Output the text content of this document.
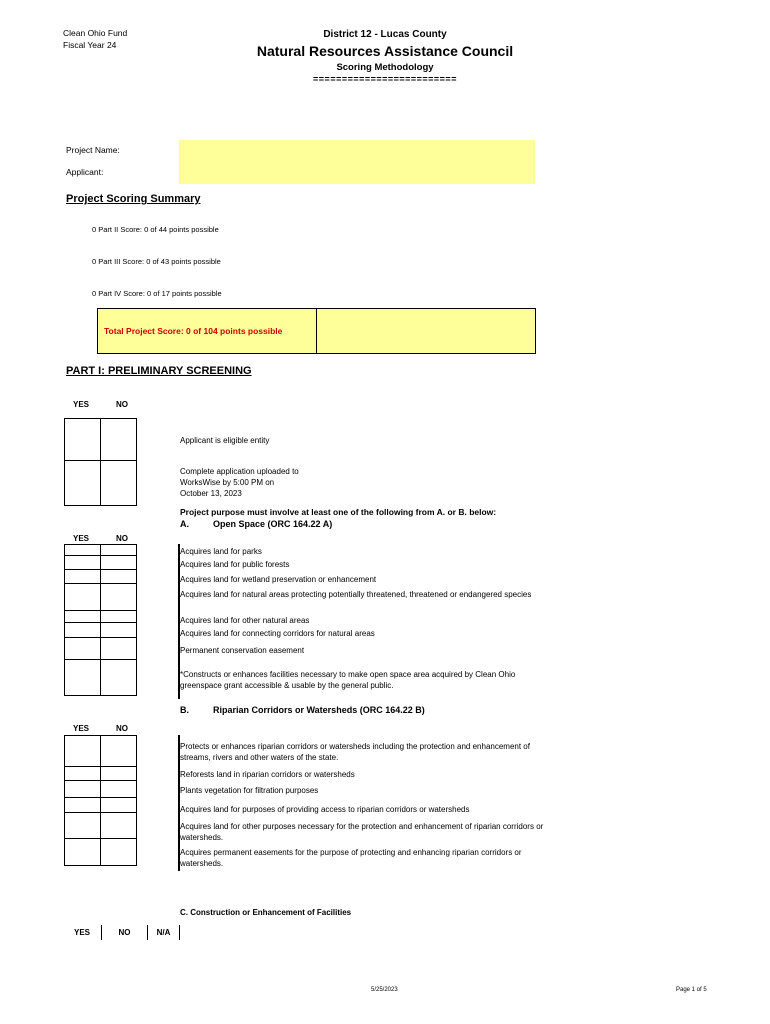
Clean Ohio Fund
Fiscal Year 24
District 12 - Lucas County
Natural Resources Assistance Council
Scoring Methodology
=========================
Project Name:
Applicant:
Project Scoring Summary
0 Part II Score: 0 of 44 points possible
0 Part III Score: 0 of 43 points possible
0 Part IV Score: 0 of 17 points possible
Total Project Score: 0 of 104 points possible
PART I: PRELIMINARY SCREENING
YES	NO

Applicant is eligible entity
Complete application uploaded to
WorksWise by 5:00 PM on
October 13, 2023
Project purpose must involve at least one of the following from A. or B. below:
A.	Open Space (ORC 164.22 A)
YES	NO

Acquires land for parks
Acquires land for public forests
Acquires land for wetland preservation or enhancement
Acquires land for natural areas protecting potentially threatened, threatened or endangered species
Acquires land for other natural areas
Acquires land for connecting corridors for natural areas
Permanent conservation easement
*Constructs or enhances facilities necessary to make open space area acquired by Clean Ohio greenspace grant accessible & usable by the general public.
B.	Riparian Corridors or Watersheds (ORC 164.22 B)
YES	NO

Protects or enhances riparian corridors or watersheds including the protection and enhancement of streams, rivers and other waters of the state.
Reforests land in riparian corridors or watersheds
Plants vegetation for filtration purposes
Acquires land for purposes of providing access to riparian corridors or watersheds
Acquires land for other purposes necessary for the protection and enhancement of riparian corridors or watersheds.
Acquires permanent easements for the purpose of protecting and enhancing riparian corridors or watersheds.
C. Construction or Enhancement of Facilities
YES	NO	N/A
5/25/2023	Page 1 of 5
